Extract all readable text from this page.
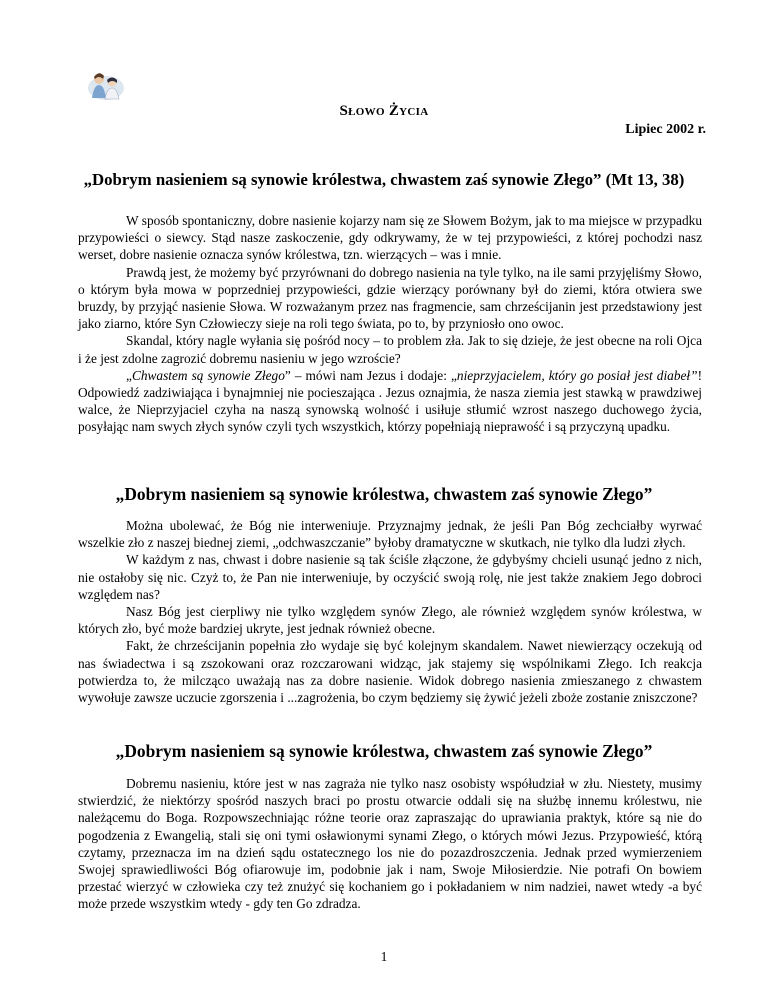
Słowo Życia
Lipiec 2002 r.
„Dobrym nasieniem są synowie królestwa, chwastem zaś synowie Złego” (Mt 13, 38)

W sposób spontaniczny, dobre nasienie kojarzy nam się ze Słowem Bożym, jak to ma miejsce w przypadku przypowieści o siewcy. Stąd nasze zaskoczenie, gdy odkrywamy, że w tej przypowieści, z której pochodzi nasz werset, dobre nasienie oznacza synów królestwa, tzn. wierzących – was i mnie.

Prawdą jest, że możemy być przyrównani do dobrego nasienia na tyle tylko, na ile sami przyjęliśmy Słowo, o którym była mowa w poprzedniej przypowieści, gdzie wierzący porównany był do ziemi, która otwiera swe bruzdy, by przyjąć nasienie Słowa. W rozważanym przez nas fragmencie, sam chrześcijanin jest przedstawiony jest jako ziarno, które Syn Człowieczy sieje na roli tego świata, po to, by przyniosło ono owoc.

Skandal, który nagle wyłania się pośród nocy – to problem zła. Jak to się dzieje, że jest obecne na roli Ojca i że jest zdolne zagrozić dobremu nasieniu w jego wzroście?

„Chwastem są synowie Złego” – mówi nam Jezus i dodaje: „nieprzyjacielem, który go posiał jest diabeł”! Odpowiedź zadziwiająca i bynajmniej nie pocieszająca . Jezus oznajmia, że nasza ziemia jest stawką w prawdziwej walce, że Nieprzyjaciel czyha na naszą synowską wolność i usiłuje stłumić wzrost naszego duchowego życia, posyłając nam swych złych synów czyli tych wszystkich, którzy popełniają nieprawość i są przyczyną upadku.

„Dobrym nasieniem są synowie królestwa, chwastem zaś synowie Złego”

Można ubolewać, że Bóg nie interweniuje. Przyznajmy jednak, że jeśli Pan Bóg zechciałby wyrwać wszelkie zło z naszej biednej ziemi, „odchwaszczanie” byłoby dramatyczne w skutkach, nie tylko dla ludzi złych.

W każdym z nas, chwast i dobre nasienie są tak ściśle złączone, że gdybyśmy chcieli usunąć jedno z nich, nie ostałoby się nic. Czyż to, że Pan nie interweniuje, by oczyścić swoją rolę, nie jest także znakiem Jego dobroci względem nas?

Nasz Bóg jest cierpliwy nie tylko względem synów Złego, ale również względem synów królestwa, w których zło, być może bardziej ukryte, jest jednak również obecne.

Fakt, że chrześcijanin popełnia zło wydaje się być kolejnym skandalem. Nawet niewierzący oczekują od nas świadectwa i są zszokowani oraz rozczarowani widząc, jak stajemy się wspólnikami Złego. Ich reakcja potwierdza to, że milcząco uważają nas za dobre nasienie. Widok dobrego nasienia zmieszanego z chwastem wywołuje zawsze uczucie zgorszenia i ...zagrożenia, bo czym będziemy się żywić jeżeli zboże zostanie zniszczone?

„Dobrym nasieniem są synowie królestwa, chwastem zaś synowie Złego”

Dobremu nasieniu, które jest w nas zagraża nie tylko nasz osobisty współudział w złu. Niestety, musimy stwierdzić, że niektórzy spośród naszych braci po prostu otwarcie oddali się na służbę innemu królestwu, nie należącemu do Boga. Rozpowszechniając różne teorie oraz zapraszając do uprawiania praktyk, które są nie do pogodzenia z Ewangelią, stali się oni tymi osławionymi synami Złego, o których mówi Jezus. Przypowieść, którą czytamy, przeznacza im na dzień sądu ostatecznego los nie do pozazdroszczenia. Jednak przed wymierzeniem Swojej sprawiedliwości Bóg ofiarowuje im, podobnie jak i nam, Swoje Miłosierdzie. Nie potrafi On bowiem przestać wierzyć w człowieka czy też znużyć się kochaniem go i pokładaniem w nim nadziei, nawet wtedy -a być może przede wszystkim wtedy - gdy ten Go zdradza.

1
